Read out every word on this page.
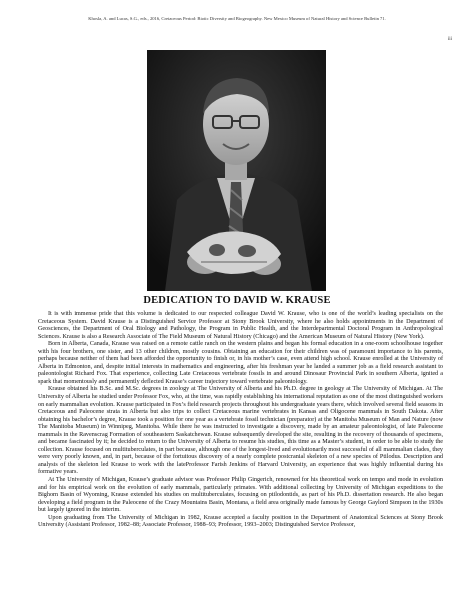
Khosla, A. and Lucas, S.G., eds., 2016, Cretaceous Period: Biotic Diversity and Biogeography. New Mexico Museum of Natural History and Science Bulletin 71.
iii
DEDICATION TO DAVID W. KRAUSE

It is with immense pride that this volume is dedicated to our respected colleague David W. Krause, who is one of the world’s leading specialists on the Cretaceous System. David Krause is a Distinguished Service Professor at Stony Brook University, where he also holds appointments in the Department of Geosciences, the Department of Oral Biology and Pathology, the Program in Public Health, and the Interdepartmental Doctoral Program in Anthropological Sciences. Krause is also a Research Associate of The Field Museum of Natural History (Chicago) and the American Museum of Natural History (New York).

Born in Alberta, Canada, Krause was raised on a remote cattle ranch on the western plains and began his formal education in a one-room schoolhouse together with his four brothers, one sister, and 13 other children, mostly cousins. Obtaining an education for their children was of paramount importance to his parents, perhaps because neither of them had been afforded the opportunity to finish or, in his mother’s case, even attend high school. Krause enrolled at the University of Alberta in Edmonton, and, despite initial interests in mathematics and engineering, after his freshman year he landed a summer job as a field research assistant to paleontologist Richard Fox. That experience, collecting Late Cretaceous vertebrate fossils in and around Dinosaur Provincial Park in southern Alberta, ignited a spark that momentously and permanently deflected Krause’s career trajectory toward vertebrate paleontology.

Krause obtained his B.Sc. and M.Sc. degrees in zoology at The University of Alberta and his Ph.D. degree in geology at The University of Michigan. At The University of Alberta he studied under Professor Fox, who, at the time, was rapidly establishing his international reputation as one of the most distinguished workers on early mammalian evolution. Krause participated in Fox’s field research projects throughout his undergraduate years there, which involved several field seasons in Cretaceous and Paleocene strata in Alberta but also trips to collect Cretaceous marine vertebrates in Kansas and Oligocene mammals in South Dakota. After obtaining his bachelor’s degree, Krause took a position for one year as a vertebrate fossil technician (preparator) at the Manitoba Museum of Man and Nature (now The Manitoba Museum) in Winnipeg, Manitoba. While there he was instructed to investigate a discovery, made by an amateur paleontologist, of late Paleocene mammals in the Ravenscrag Formation of southeastern Saskatchewan. Krause subsequently developed the site, resulting in the recovery of thousands of specimens, and became fascinated by it; he decided to return to the University of Alberta to resume his studies, this time as a Master’s student, in order to be able to study the collection. Krause focused on multituberculates, in part because, although one of the longest-lived and evolutionarily most successful of all mammalian clades, they were very poorly known, and, in part, because of the fortuitous discovery of a nearly complete postcranial skeleton of a new species of Ptilodus. Description and analysis of the skeleton led Krause to work with the lateProfessor Farish Jenkins of Harvard University, an experience that was highly influential during his formative years.

At The University of Michigan, Krause’s graduate advisor was Professor Philip Gingerich, renowned for his theoretical work on tempo and mode in evolution and for his empirical work on the evolution of early mammals, particularly primates. With additional collecting by University of Michigan expeditions to the Bighorn Basin of Wyoming, Krause extended his studies on multituberculates, focusing on ptilodontids, as part of his Ph.D. dissertation research. He also began developing a field program in the Paleocene of the Crazy Mountains Basin, Montana, a field area originally made famous by George Gaylord Simpson in the 1930s but largely ignored in the interim.

Upon graduating from The University of Michigan in 1982, Krause accepted a faculty position in the Department of Anatomical Sciences at Stony Brook University (Assistant Professor, 1982–88; Associate Professor, 1988–93; Professor, 1993–2003; Distinguished Service Professor,
